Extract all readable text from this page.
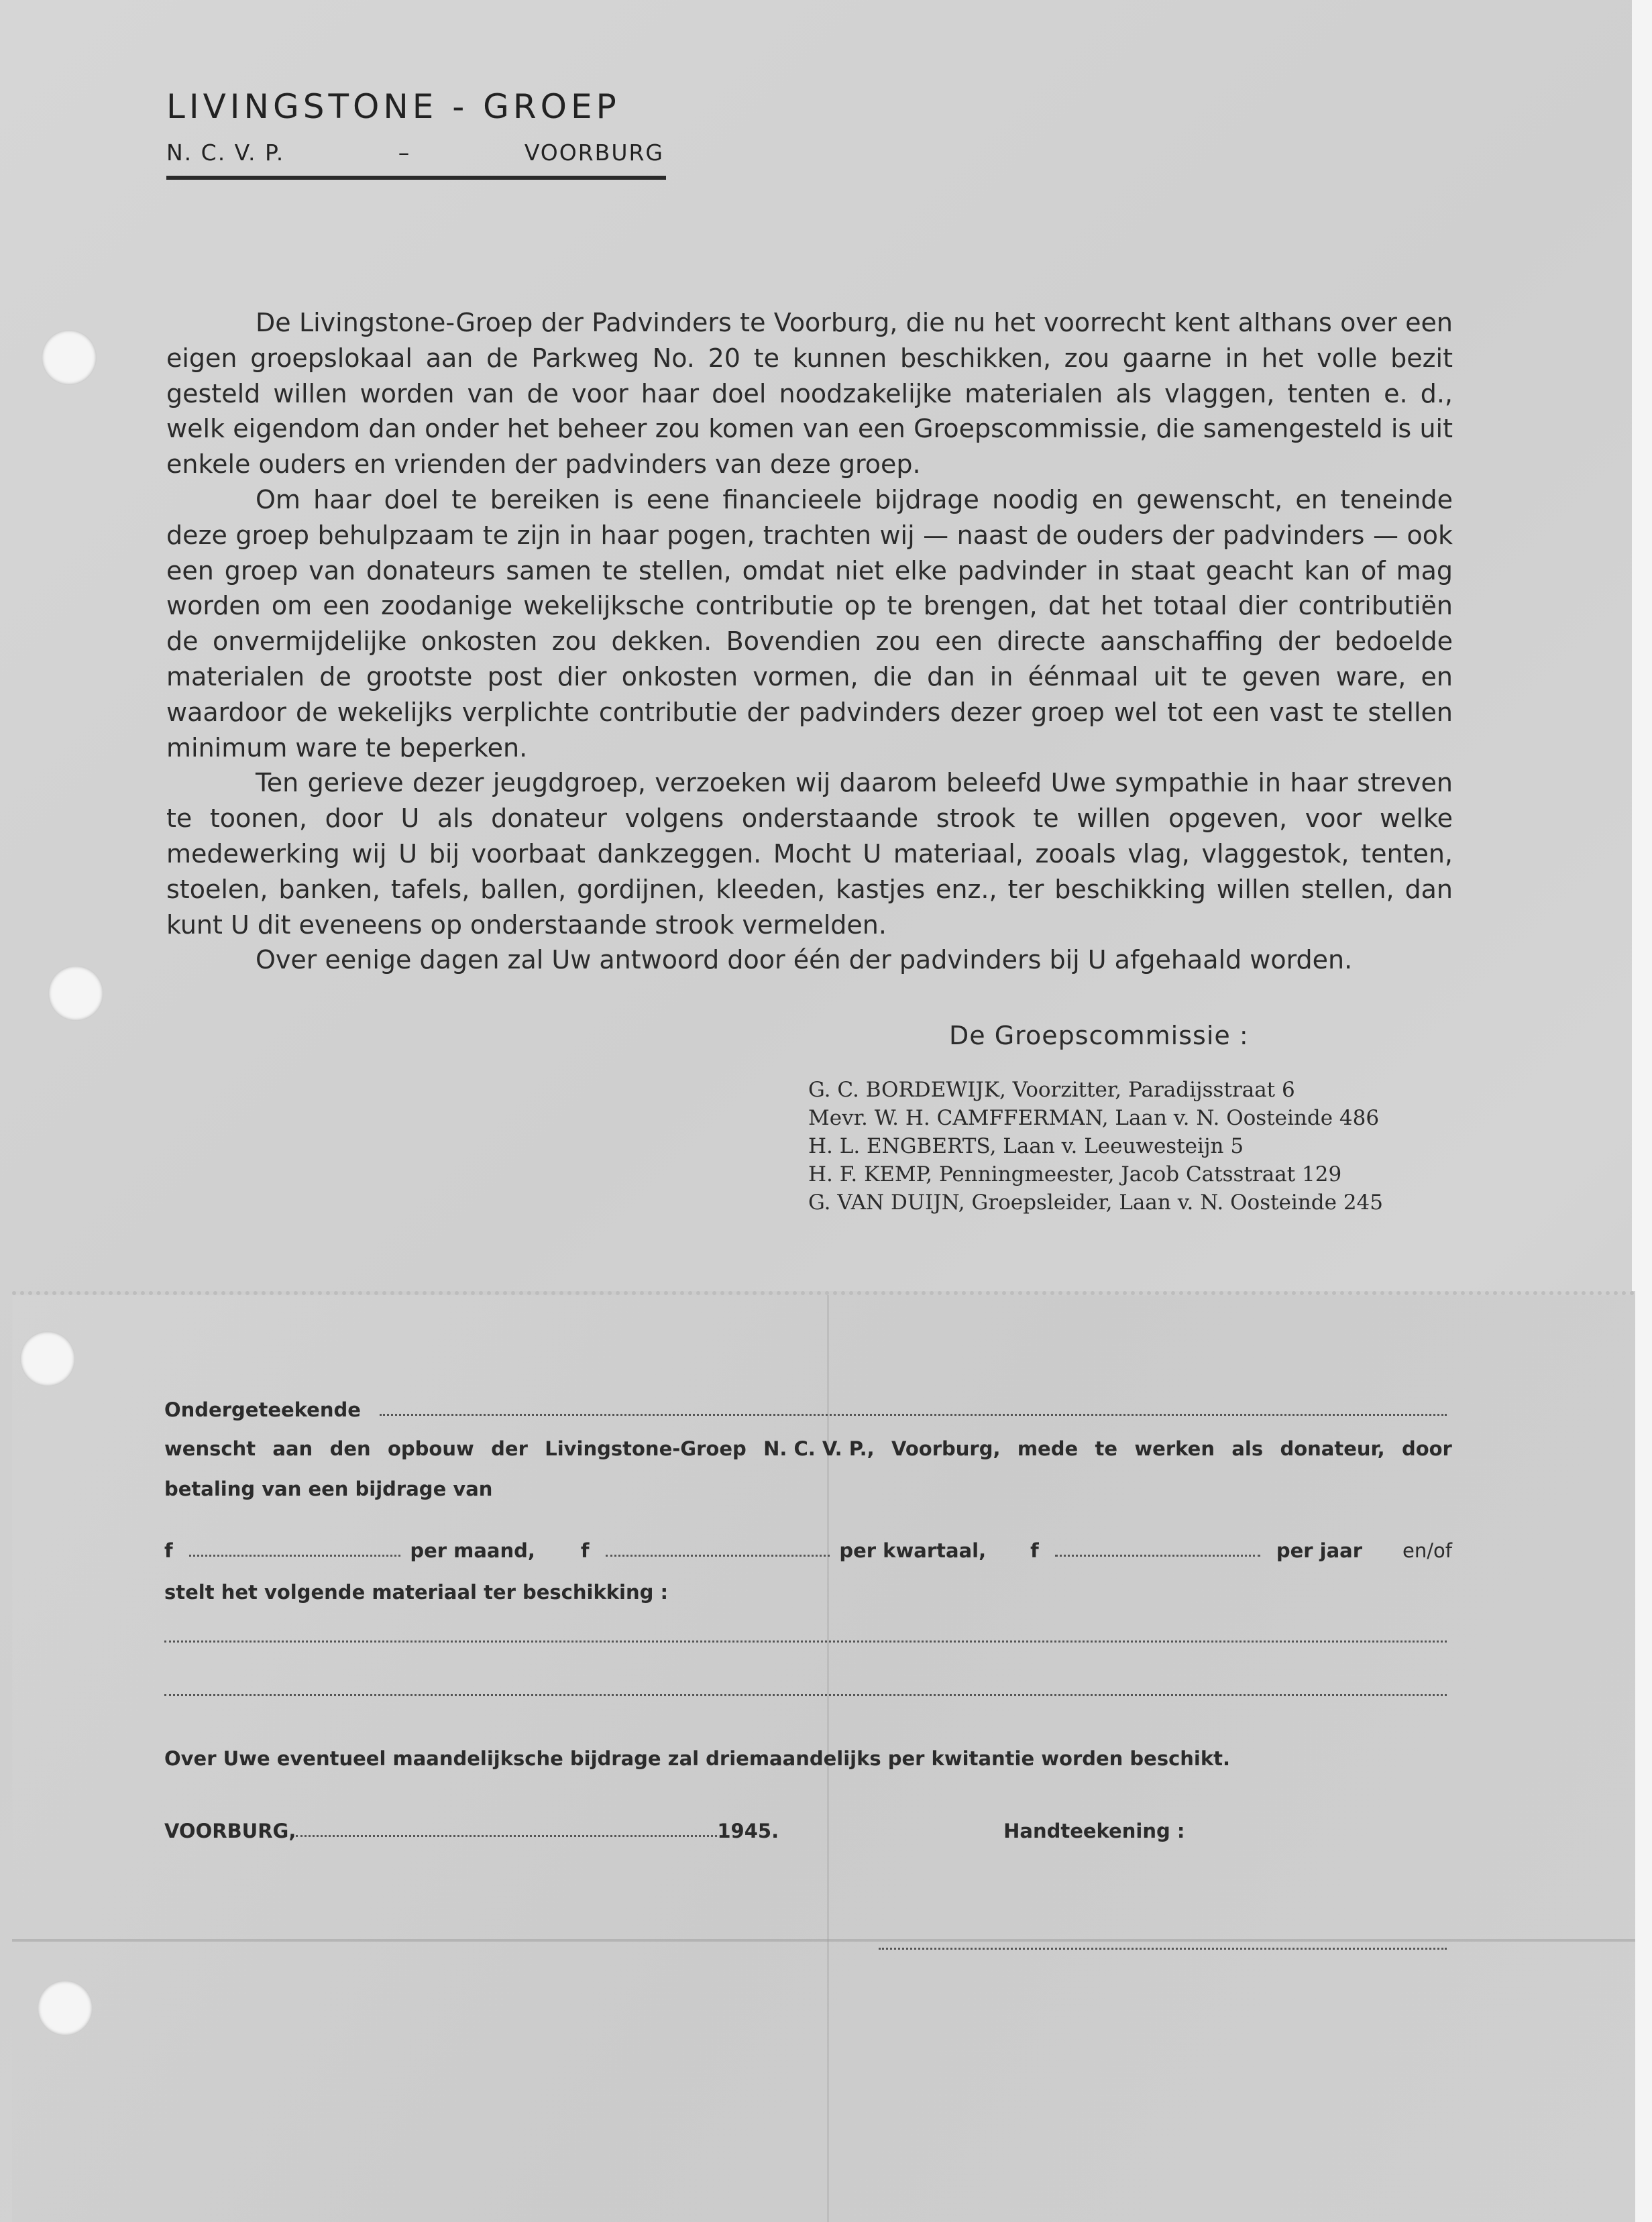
LIVINGSTONE - GROEP
N. C. V. P.	–	VOORBURG

De Livingstone-Groep der Padvinders te Voorburg, die nu het voorrecht kent althans over een eigen groepslokaal aan de Parkweg No. 20 te kunnen beschikken, zou gaarne in het volle bezit gesteld willen worden van de voor haar doel noodzakelijke materialen als vlaggen, tenten e. d., welk eigendom dan onder het beheer zou komen van een Groepscommissie, die samengesteld is uit enkele ouders en vrienden der padvinders van deze groep.

Om haar doel te bereiken is eene financieele bijdrage noodig en gewenscht, en teneinde deze groep behulpzaam te zijn in haar pogen, trachten wij — naast de ouders der padvinders — ook een groep van donateurs samen te stellen, omdat niet elke padvinder in staat geacht kan of mag worden om een zoodanige wekelijksche contributie op te brengen, dat het totaal dier contributiën de onvermijdelijke onkosten zou dekken. Bovendien zou een directe aanschaffing der bedoelde materialen de grootste post dier onkosten vormen, die dan in éénmaal uit te geven ware, en waardoor de wekelijks verplichte contributie der padvinders dezer groep wel tot een vast te stellen minimum ware te beperken.

Ten gerieve dezer jeugdgroep, verzoeken wij daarom beleefd Uwe sympathie in haar streven te toonen, door U als donateur volgens onderstaande strook te willen opgeven, voor welke medewerking wij U bij voorbaat dankzeggen. Mocht U materiaal, zooals vlag, vlaggestok, tenten, stoelen, banken, tafels, ballen, gordijnen, kleeden, kastjes enz., ter beschikking willen stellen, dan kunt U dit eveneens op onderstaande strook vermelden.

Over eenige dagen zal Uw antwoord door één der padvinders bij U afgehaald worden.

De Groepscommissie :
G. C. BORDEWIJK, Voorzitter, Paradijsstraat 6
Mevr. W. H. CAMFFERMAN, Laan v. N. Oosteinde 486
H. L. ENGBERTS, Laan v. Leeuwesteijn 5
H. F. KEMP, Penningmeester, Jacob Catsstraat 129
G. VAN DUIJN, Groepsleider, Laan v. N. Oosteinde 245
Ondergeteekende
wenscht aan den opbouw der Livingstone-Groep N. C. V. P., Voorburg, mede te werken als donateur, door
betaling van een bijdrage van
f	per maand, f	per kwartaal, f	per jaar en/of
stelt het volgende materiaal ter beschikking :
Over Uwe eventueel maandelijksche bijdrage zal driemaandelijks per kwitantie worden beschikt.
VOORBURG,	1945.	Handteekening :
